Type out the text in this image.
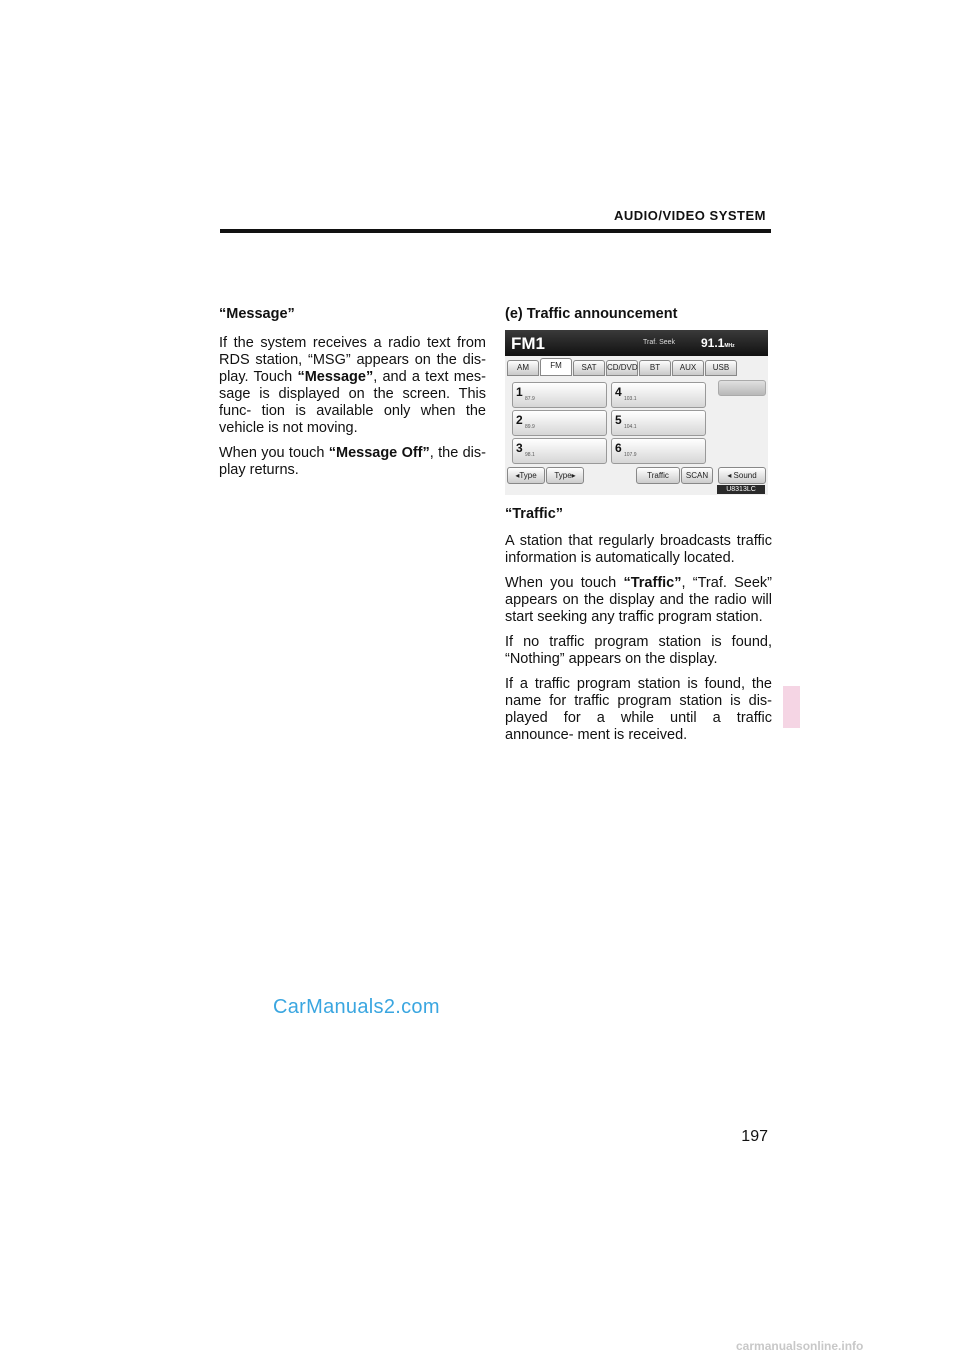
AUDIO/VIDEO SYSTEM
“Message”

If the system receives a radio text from RDS station, “MSG” appears on the dis- play. Touch “Message”, and a text mes- sage is displayed on the screen. This func- tion is available only when the vehicle is not moving.

When you touch “Message Off”, the dis- play returns.

(e) Traffic announcement
FM1	Traf. Seek 91.1MHz
AM	FM	SAT	CD/DVD	BT	AUX	USB
1 87.9
2 89.9
3 98.1
4 103.1
5 104.1
6 107.9
◂Type	Type▸	Traffic	SCAN	◂ Sound
U8313LC
“Traffic”

A station that regularly broadcasts traffic information is automatically located.

When you touch “Traffic”, “Traf. Seek” appears on the display and the radio will start seeking any traffic program station.

If no traffic program station is found, “Nothing” appears on the display.

If a traffic program station is found, the name for traffic program station is dis- played for a while until a traffic announce- ment is received.

CarManuals2.com
197
carmanualsonline.info
